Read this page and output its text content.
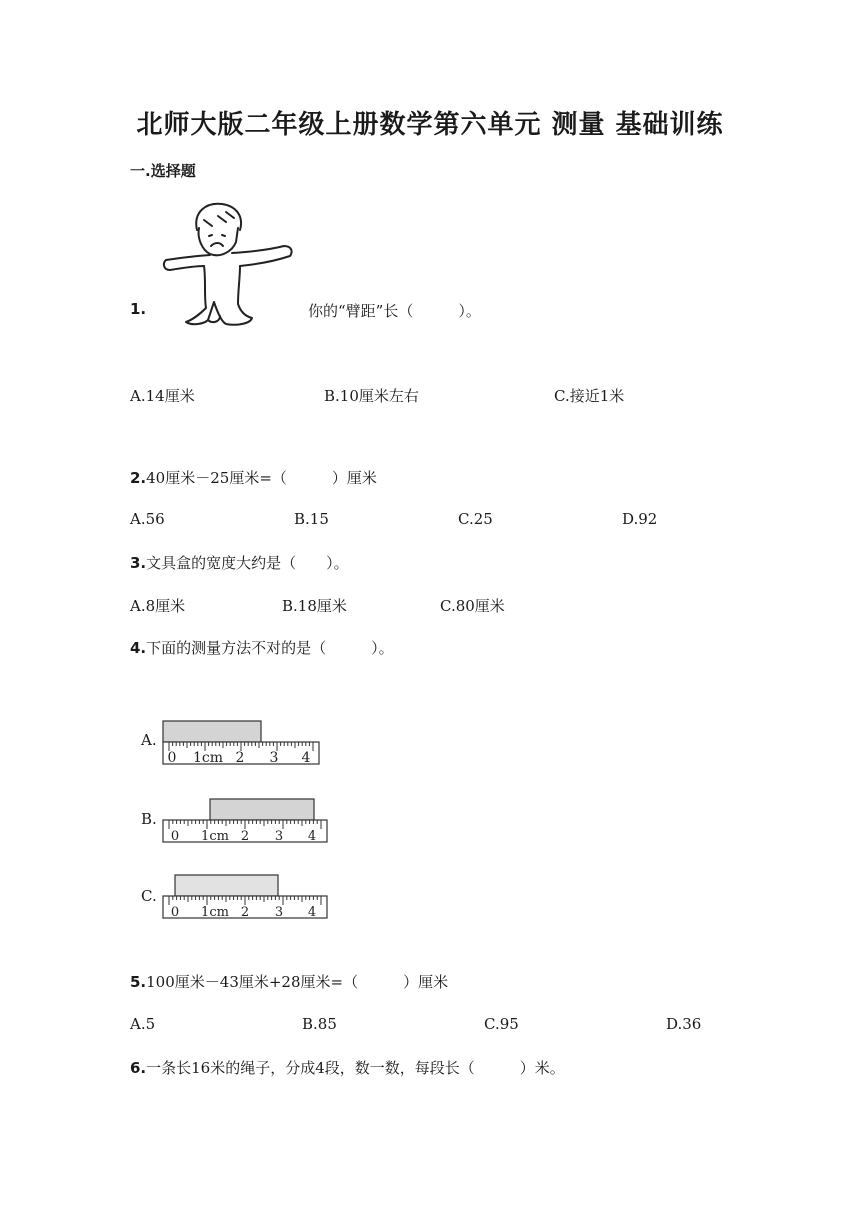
北师大版二年级上册数学第六单元 测量 基础训练
一.选择题
1.	你的“臂距”长（　　　）。
A.14厘米	B.10厘米左右	C.接近1米
2.40厘米－25厘米=（　　　）厘米
A.56	B.15	C.25	D.92
3.文具盒的宽度大约是（　　）。
A.8厘米	B.18厘米	C.80厘米
4.下面的测量方法不对的是（　　　）。
A.
0 1cm 2 3 4
B.
0 1cm 2 3 4
C.
0 1cm 2 3 4
5.100厘米－43厘米+28厘米=（　　　）厘米
A.5	B.85	C.95	D.36
6.一条长16米的绳子，分成4段，数一数，每段长（　　　）米。
